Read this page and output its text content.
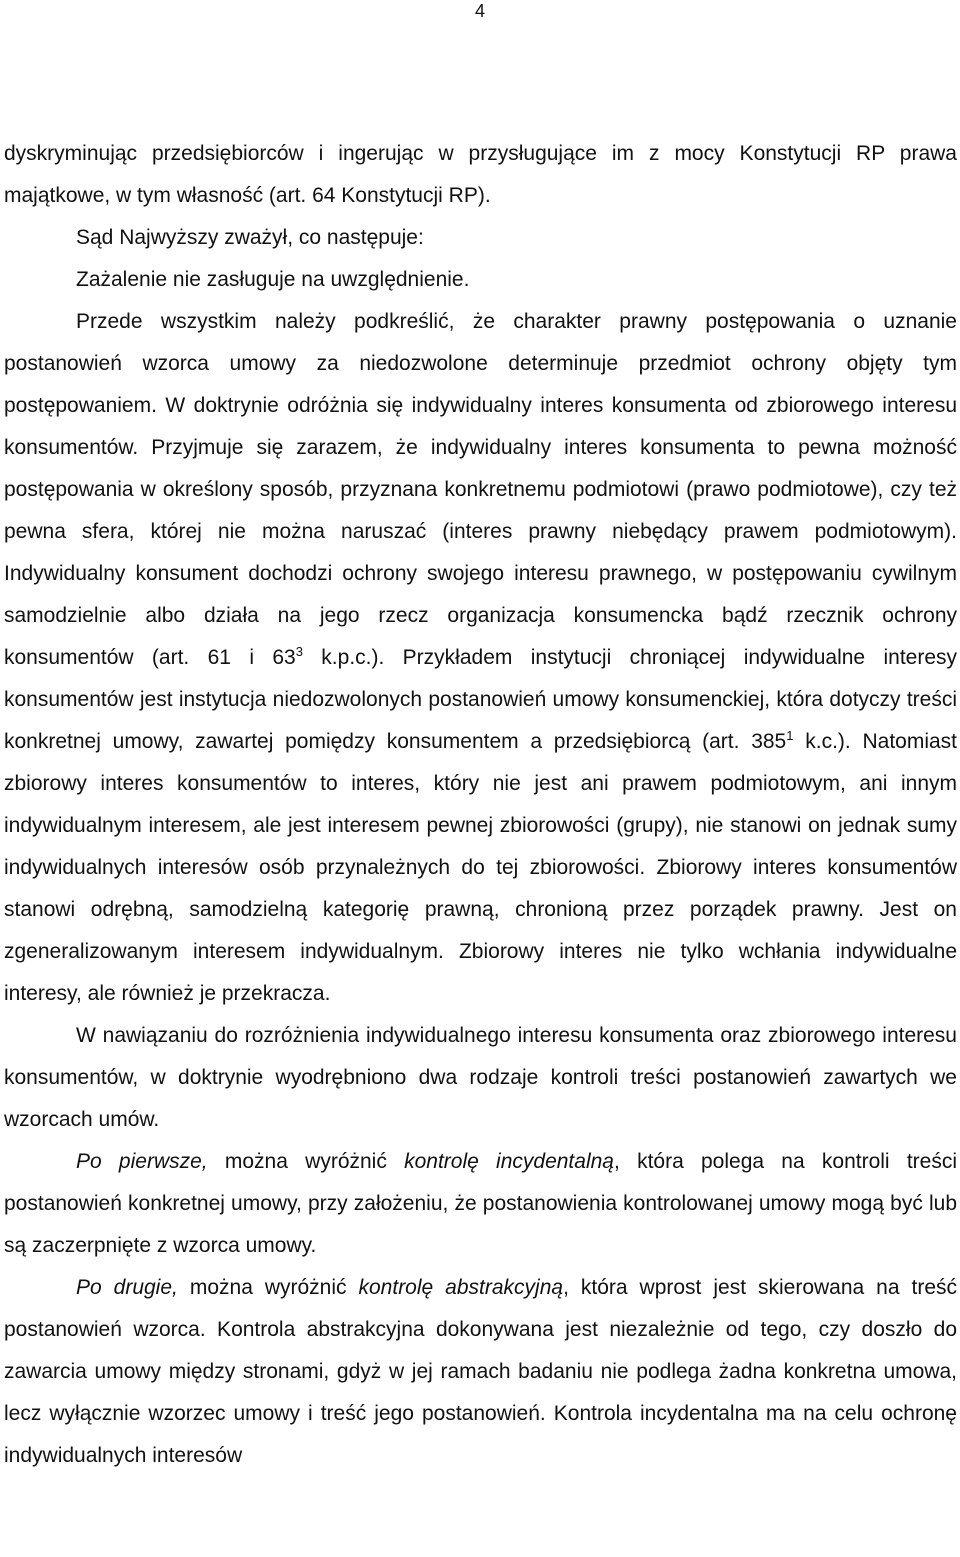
4

dyskryminując przedsiębiorców i ingerując w przysługujące im z mocy Konstytucji RP prawa majątkowe, w tym własność (art. 64 Konstytucji RP).

Sąd Najwyższy zważył, co następuje:

Zażalenie nie zasługuje na uwzględnienie.

Przede wszystkim należy podkreślić, że charakter prawny postępowania o uznanie postanowień wzorca umowy za niedozwolone determinuje przedmiot ochrony objęty tym postępowaniem. W doktrynie odróżnia się indywidualny interes konsumenta od zbiorowego interesu konsumentów. Przyjmuje się zarazem, że indywidualny interes konsumenta to pewna możność postępowania w określony sposób, przyznana konkretnemu podmiotowi (prawo podmiotowe), czy też pewna sfera, której nie można naruszać (interes prawny niebędący prawem podmiotowym). Indywidualny konsument dochodzi ochrony swojego interesu prawnego, w postępowaniu cywilnym samodzielnie albo działa na jego rzecz organizacja konsumencka bądź rzecznik ochrony konsumentów (art. 61 i $63^3$ k.p.c.). Przykładem instytucji chroniącej indywidualne interesy konsumentów jest instytucja niedozwolonych postanowień umowy konsumenckiej, która dotyczy treści konkretnej umowy, zawartej pomiędzy konsumentem a przedsiębiorcą (art. $385^1$ k.c.). Natomiast zbiorowy interes konsumentów to interes, który nie jest ani prawem podmiotowym, ani innym indywidualnym interesem, ale jest interesem pewnej zbiorowości (grupy), nie stanowi on jednak sumy indywidualnych interesów osób przynależnych do tej zbiorowości. Zbiorowy interes konsumentów stanowi odrębną, samodzielną kategorię prawną, chronioną przez porządek prawny. Jest on zgeneralizowanym interesem indywidualnym. Zbiorowy interes nie tylko wchłania indywidualne interesy, ale również je przekracza.

W nawiązaniu do rozróżnienia indywidualnego interesu konsumenta oraz zbiorowego interesu konsumentów, w doktrynie wyodrębniono dwa rodzaje kontroli treści postanowień zawartych we wzorcach umów.

Po pierwsze, można wyróżnić kontrolę incydentalną, która polega na kontroli treści postanowień konkretnej umowy, przy założeniu, że postanowienia kontrolowanej umowy mogą być lub są zaczerpnięte z wzorca umowy.

Po drugie, można wyróżnić kontrolę abstrakcyjną, która wprost jest skierowana na treść postanowień wzorca. Kontrola abstrakcyjna dokonywana jest niezależnie od tego, czy doszło do zawarcia umowy między stronami, gdyż w jej ramach badaniu nie podlega żadna konkretna umowa, lecz wyłącznie wzorzec umowy i treść jego postanowień. Kontrola incydentalna ma na celu ochronę indywidualnych interesów
